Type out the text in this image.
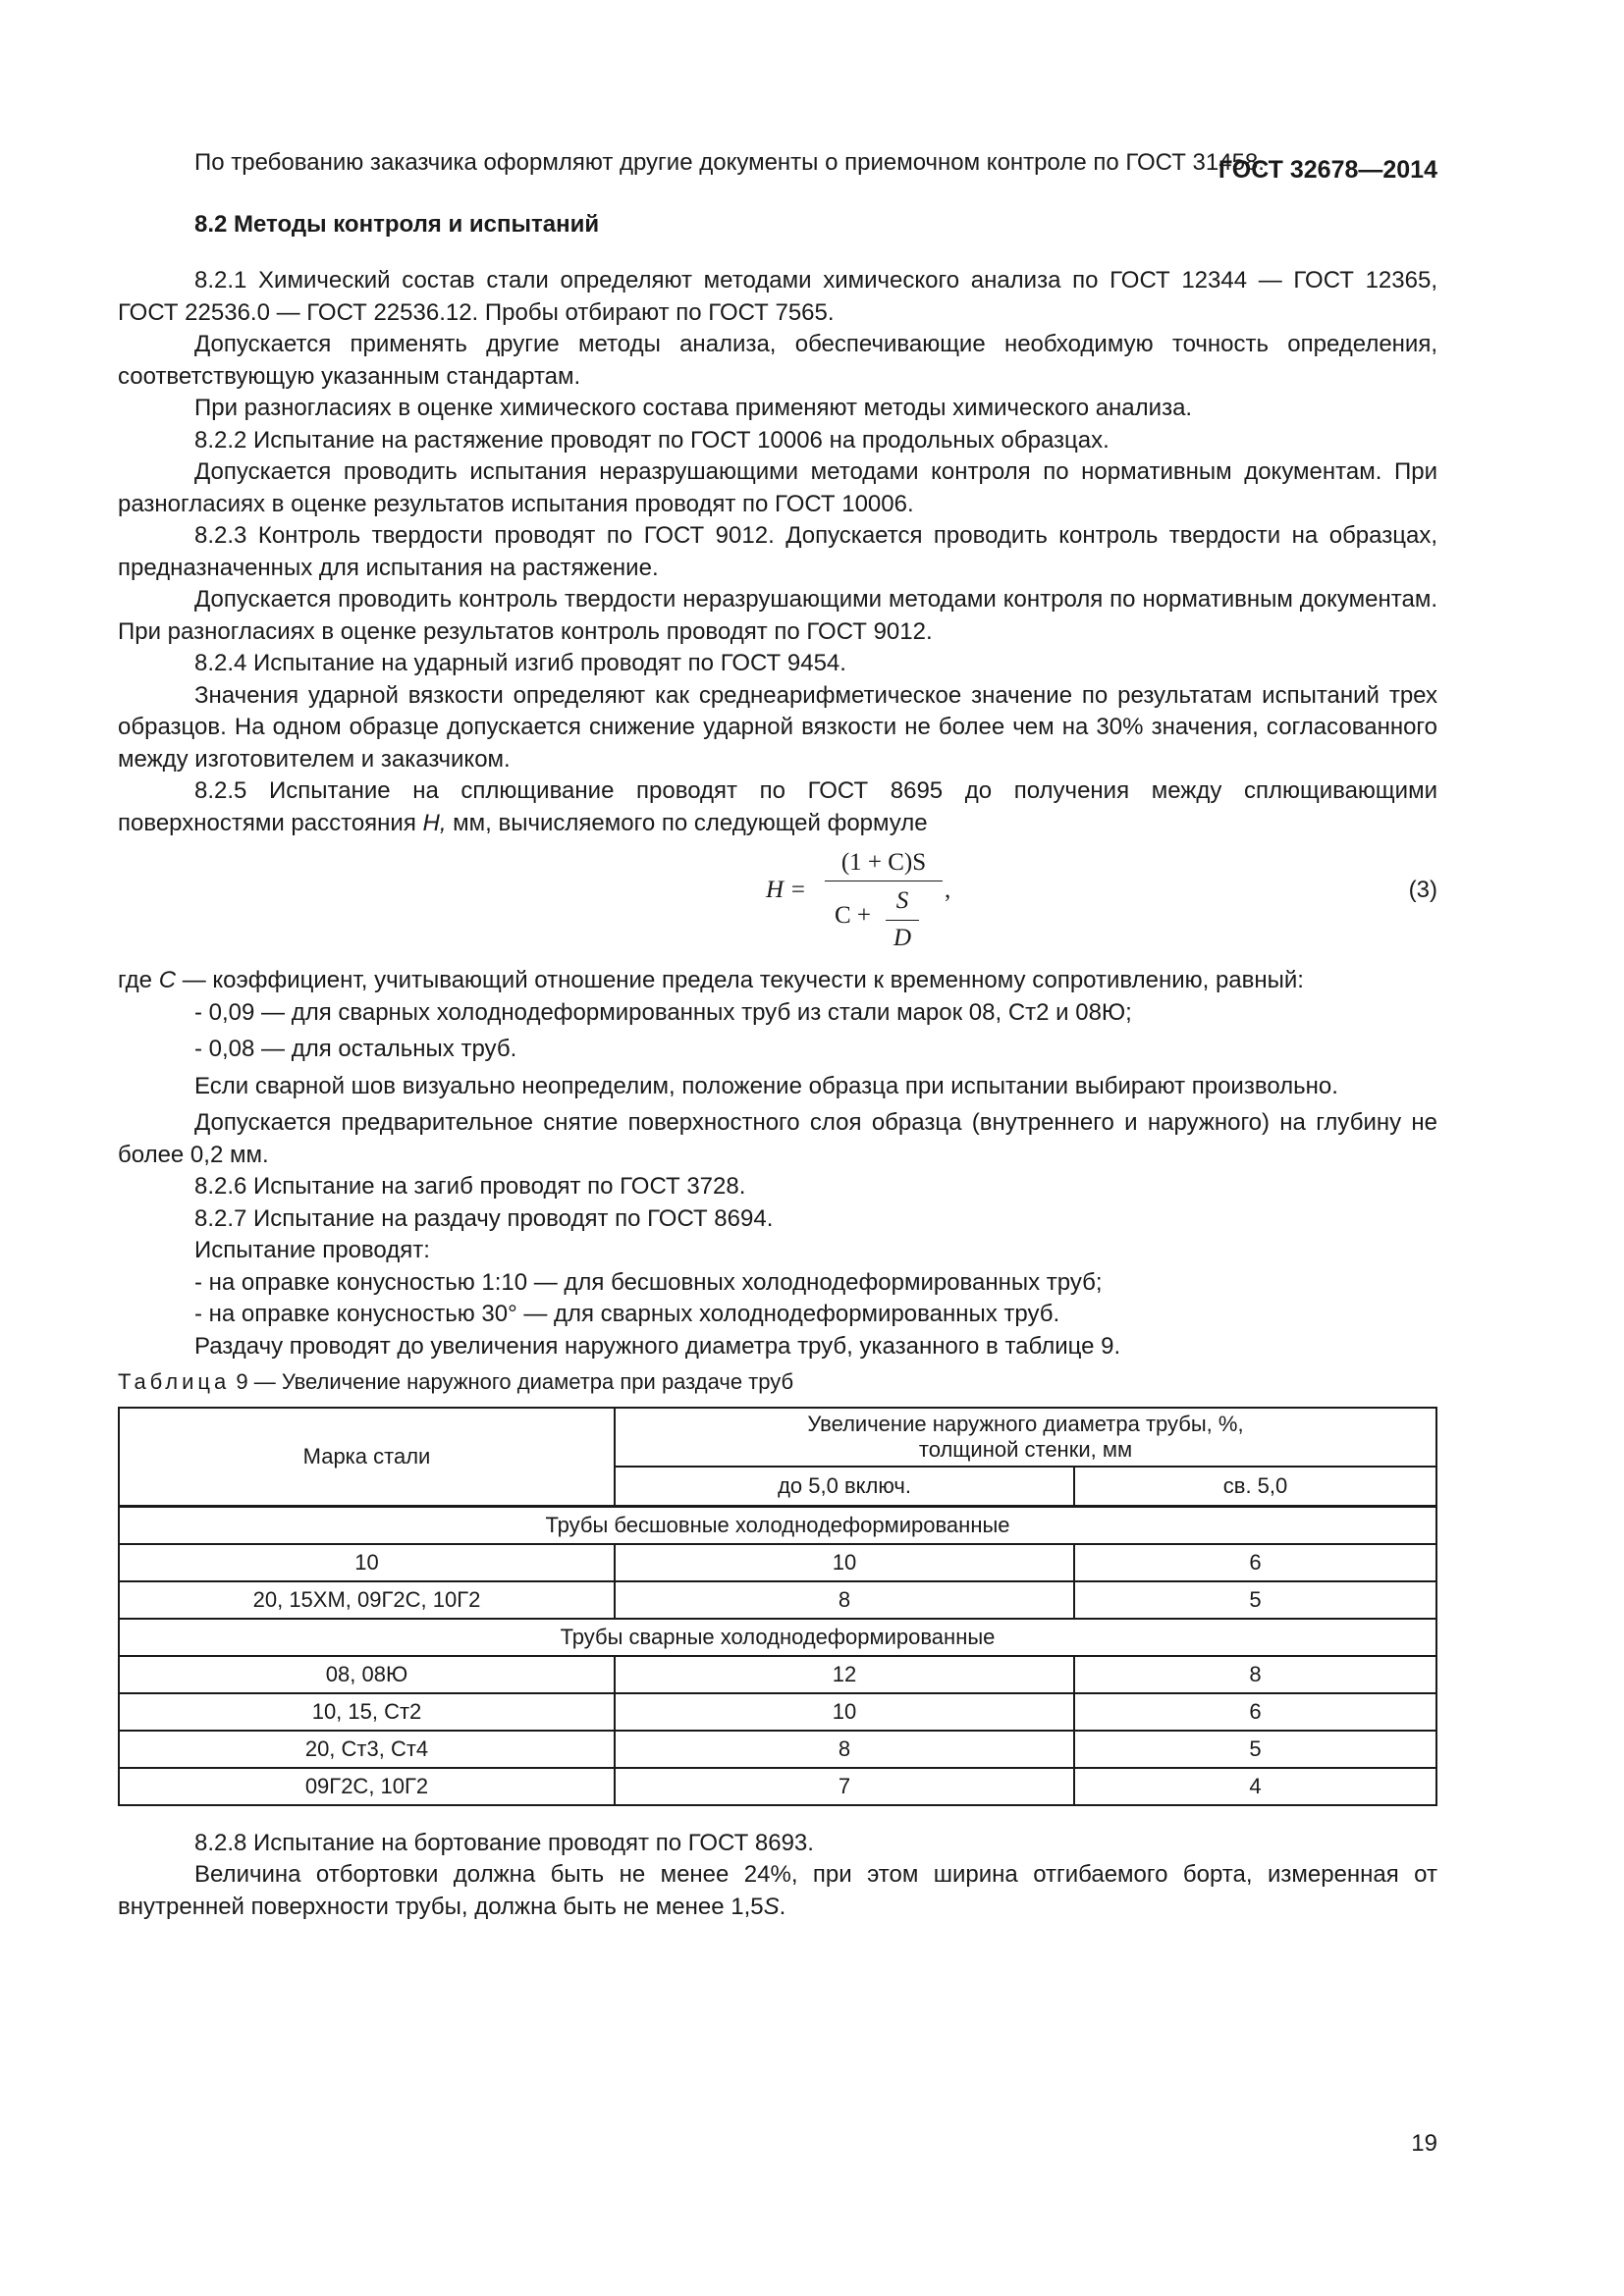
ГОСТ 32678—2014

По требованию заказчика оформляют другие документы о приемочном контроле по ГОСТ 31458.

8.2 Методы контроля и испытаний

8.2.1 Химический состав стали определяют методами химического анализа по ГОСТ 12344 — ГОСТ 12365, ГОСТ 22536.0 — ГОСТ 22536.12. Пробы отбирают по ГОСТ 7565.

Допускается применять другие методы анализа, обеспечивающие необходимую точность определения, соответствующую указанным стандартам.

При разногласиях в оценке химического состава применяют методы химического анализа.

8.2.2 Испытание на растяжение проводят по ГОСТ 10006 на продольных образцах.

Допускается проводить испытания неразрушающими методами контроля по нормативным документам. При разногласиях в оценке результатов испытания проводят по ГОСТ 10006.

8.2.3 Контроль твердости проводят по ГОСТ 9012. Допускается проводить контроль твердости на образцах, предназначенных для испытания на растяжение.

Допускается проводить контроль твердости неразрушающими методами контроля по нормативным документам. При разногласиях в оценке результатов контроль проводят по ГОСТ 9012.

8.2.4 Испытание на ударный изгиб проводят по ГОСТ 9454.

Значения ударной вязкости определяют как среднеарифметическое значение по результатам испытаний трех образцов. На одном образце допускается снижение ударной вязкости не более чем на 30% значения, согласованного между изготовителем и заказчиком.

8.2.5 Испытание на сплющивание проводят по ГОСТ 8695 до получения между сплющивающими поверхностями расстояния H, мм, вычисляемого по следующей формуле

H =
(1 + C)S
C +
S
D
,	(3)

где C — коэффициент, учитывающий отношение предела текучести к временному сопротивлению, равный:

- 0,09 — для сварных холоднодеформированных труб из стали марок 08, Ст2 и 08Ю;

- 0,08 — для остальных труб.

Если сварной шов визуально неопределим, положение образца при испытании выбирают произвольно.

Допускается предварительное снятие поверхностного слоя образца (внутреннего и наружного) на глубину не более 0,2 мм.

8.2.6 Испытание на загиб проводят по ГОСТ 3728.

8.2.7 Испытание на раздачу проводят по ГОСТ 8694.

Испытание проводят:

- на оправке конусностью 1:10 — для бесшовных холоднодеформированных труб;

- на оправке конусностью 30° — для сварных холоднодеформированных труб.

Раздачу проводят до увеличения наружного диаметра труб, указанного в таблице 9.

Таблица 9 — Увеличение наружного диаметра при раздаче труб

Марка стали	Увеличение наружного диаметра трубы, %,
толщиной стенки, мм	
	до 5,0 включ.	св. 5,0
Трубы бесшовные холоднодеформированные		
10	10	6
20, 15ХМ, 09Г2С, 10Г2	8	5
Трубы сварные холоднодеформированные		
08, 08Ю	12	8
10, 15, Ст2	10	6
20, Ст3, Ст4	8	5
09Г2С, 10Г2	7	4

8.2.8 Испытание на бортование проводят по ГОСТ 8693.

Величина отбортовки должна быть не менее 24%, при этом ширина отгибаемого борта, измеренная от внутренней поверхности трубы, должна быть не менее 1,5S.

19
